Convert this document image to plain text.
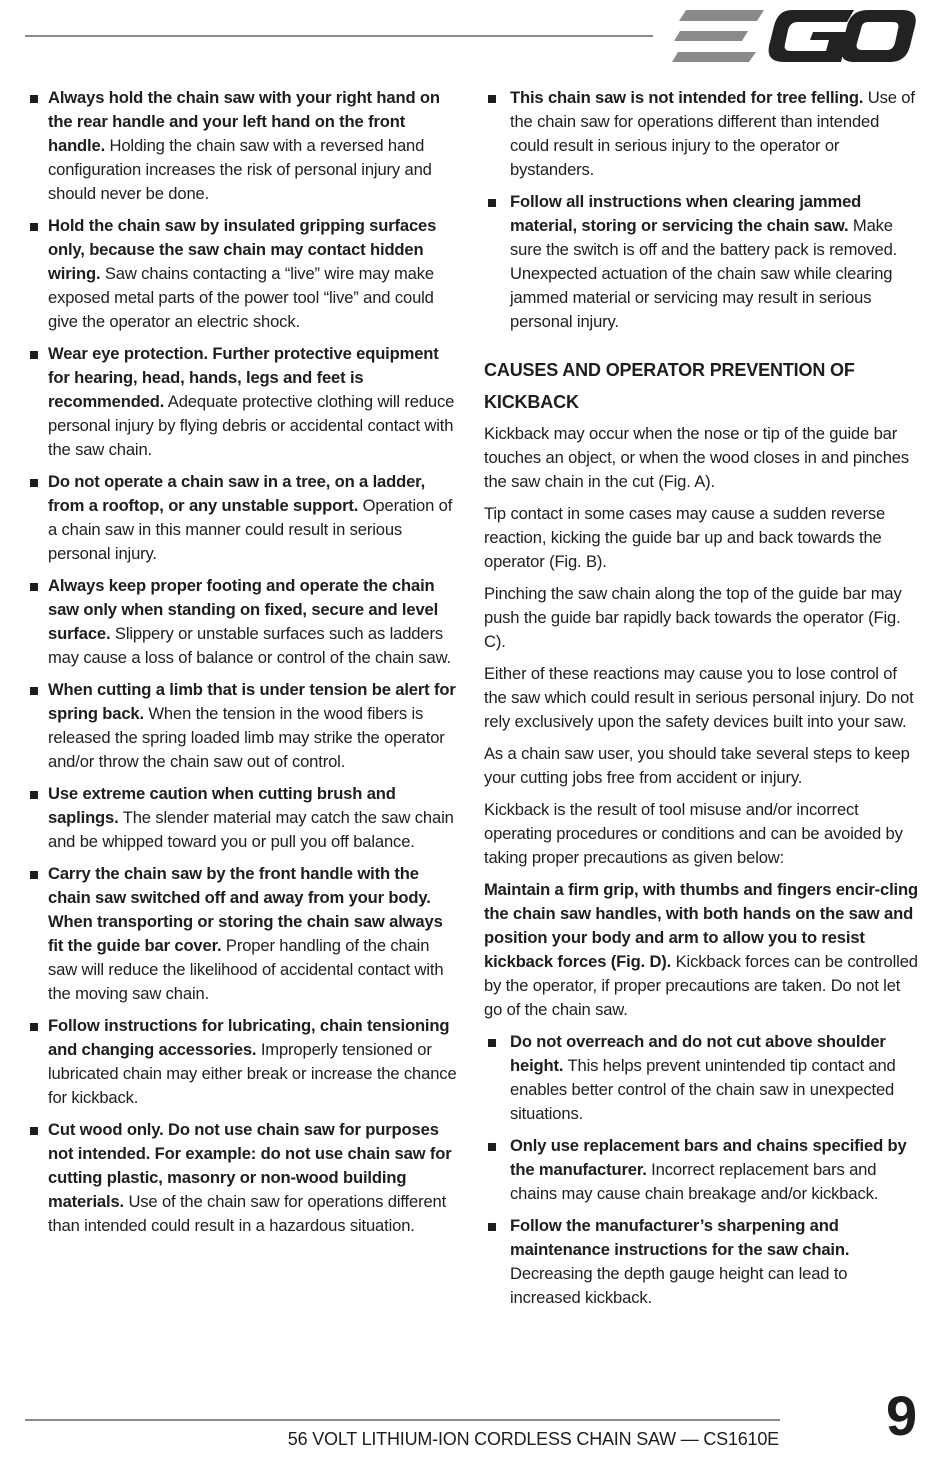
Always hold the chain saw with your right hand on the rear handle and your left hand on the front handle. Holding the chain saw with a reversed hand configuration increases the risk of personal injury and should never be done.

Hold the chain saw by insulated gripping surfaces only, because the saw chain may contact hidden wiring. Saw chains contacting a “live” wire may make exposed metal parts of the power tool “live” and could give the operator an electric shock.

Wear eye protection. Further protective equipment for hearing, head, hands, legs and feet is recommended. Adequate protective clothing will reduce personal injury by flying debris or accidental contact with the saw chain.

Do not operate a chain saw in a tree, on a ladder, from a rooftop, or any unstable support. Operation of a chain saw in this manner could result in serious personal injury.

Always keep proper footing and operate the chain saw only when standing on fixed, secure and level surface. Slippery or unstable surfaces such as ladders may cause a loss of balance or control of the chain saw.

When cutting a limb that is under tension be alert for spring back. When the tension in the wood fibers is released the spring loaded limb may strike the operator and/or throw the chain saw out of control.

Use extreme caution when cutting brush and saplings. The slender material may catch the saw chain and be whipped toward you or pull you off balance.

Carry the chain saw by the front handle with the chain saw switched off and away from your body. When transporting or storing the chain saw always fit the guide bar cover. Proper handling of the chain saw will reduce the likelihood of accidental contact with the moving saw chain.

Follow instructions for lubricating, chain tensioning and changing accessories. Improperly tensioned or lubricated chain may either break or increase the chance for kickback.

Cut wood only. Do not use chain saw for purposes not intended. For example: do not use chain saw for cutting plastic, masonry or non-wood building materials. Use of the chain saw for operations different than intended could result in a hazardous situation.

This chain saw is not intended for tree felling. Use of the chain saw for operations different than intended could result in serious injury to the operator or bystanders.

Follow all instructions when clearing jammed material, storing or servicing the chain saw. Make sure the switch is off and the battery pack is removed. Unexpected actuation of the chain saw while clearing jammed material or servicing may result in serious personal injury.

CAUSES AND OPERATOR PREVENTION OF KICKBACK

Kickback may occur when the nose or tip of the guide bar touches an object, or when the wood closes in and pinches the saw chain in the cut (Fig. A).

Tip contact in some cases may cause a sudden reverse reaction, kicking the guide bar up and back towards the operator (Fig. B).

Pinching the saw chain along the top of the guide bar may push the guide bar rapidly back towards the operator (Fig. C).

Either of these reactions may cause you to lose control of the saw which could result in serious personal injury. Do not rely exclusively upon the safety devices built into your saw.

As a chain saw user, you should take several steps to keep your cutting jobs free from accident or injury.

Kickback is the result of tool misuse and/or incorrect operating procedures or conditions and can be avoided by taking proper precautions as given below:

Maintain a firm grip, with thumbs and fingers encir-cling the chain saw handles, with both hands on the saw and position your body and arm to allow you to resist kickback forces (Fig. D). Kickback forces can be controlled by the operator, if proper precautions are taken. Do not let go of the chain saw.

Do not overreach and do not cut above shoulder height. This helps prevent unintended tip contact and enables better control of the chain saw in unexpected situations.

Only use replacement bars and chains specified by the manufacturer. Incorrect replacement bars and chains may cause chain breakage and/or kickback.

Follow the manufacturer’s sharpening and maintenance instructions for the saw chain. Decreasing the depth gauge height can lead to increased kickback.

56 VOLT LITHIUM-ION CORDLESS CHAIN SAW — CS1610E 9
